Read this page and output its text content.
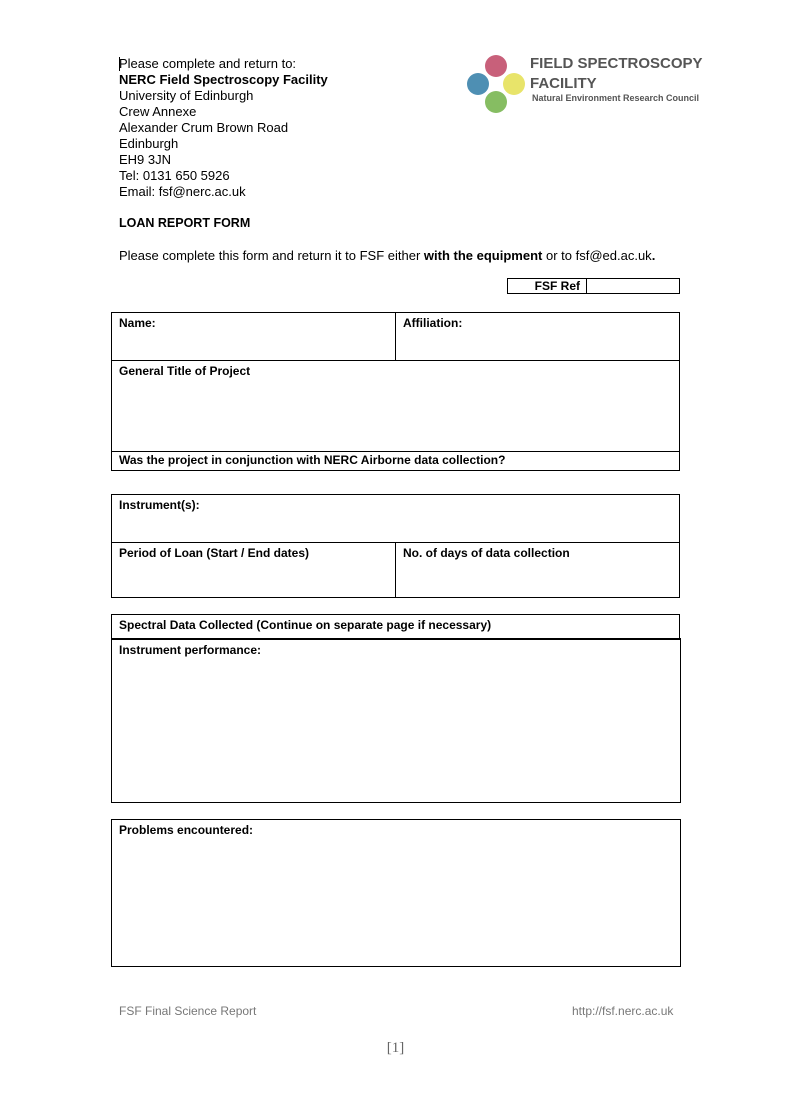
Please complete and return to:
NERC Field Spectroscopy Facility
University of Edinburgh
Crew Annexe
Alexander Crum Brown Road
Edinburgh
EH9 3JN
Tel: 0131 650 5926
Email: fsf@nerc.ac.uk
FIELD SPECTROSCOPY
FACILITY
Natural Environment Research Council
LOAN REPORT FORM
Please complete this form and return it to FSF either with the equipment or to fsf@ed.ac.uk.
FSF Ref
Name:	Affiliation:
General Title of Project
Was the project in conjunction with NERC Airborne data collection?
Instrument(s):
Period of Loan (Start / End dates)	No. of days of data collection
Spectral Data Collected (Continue on separate page if necessary)
Instrument performance:
Problems encountered:
FSF Final Science Report	http://fsf.nerc.ac.uk
[1]
